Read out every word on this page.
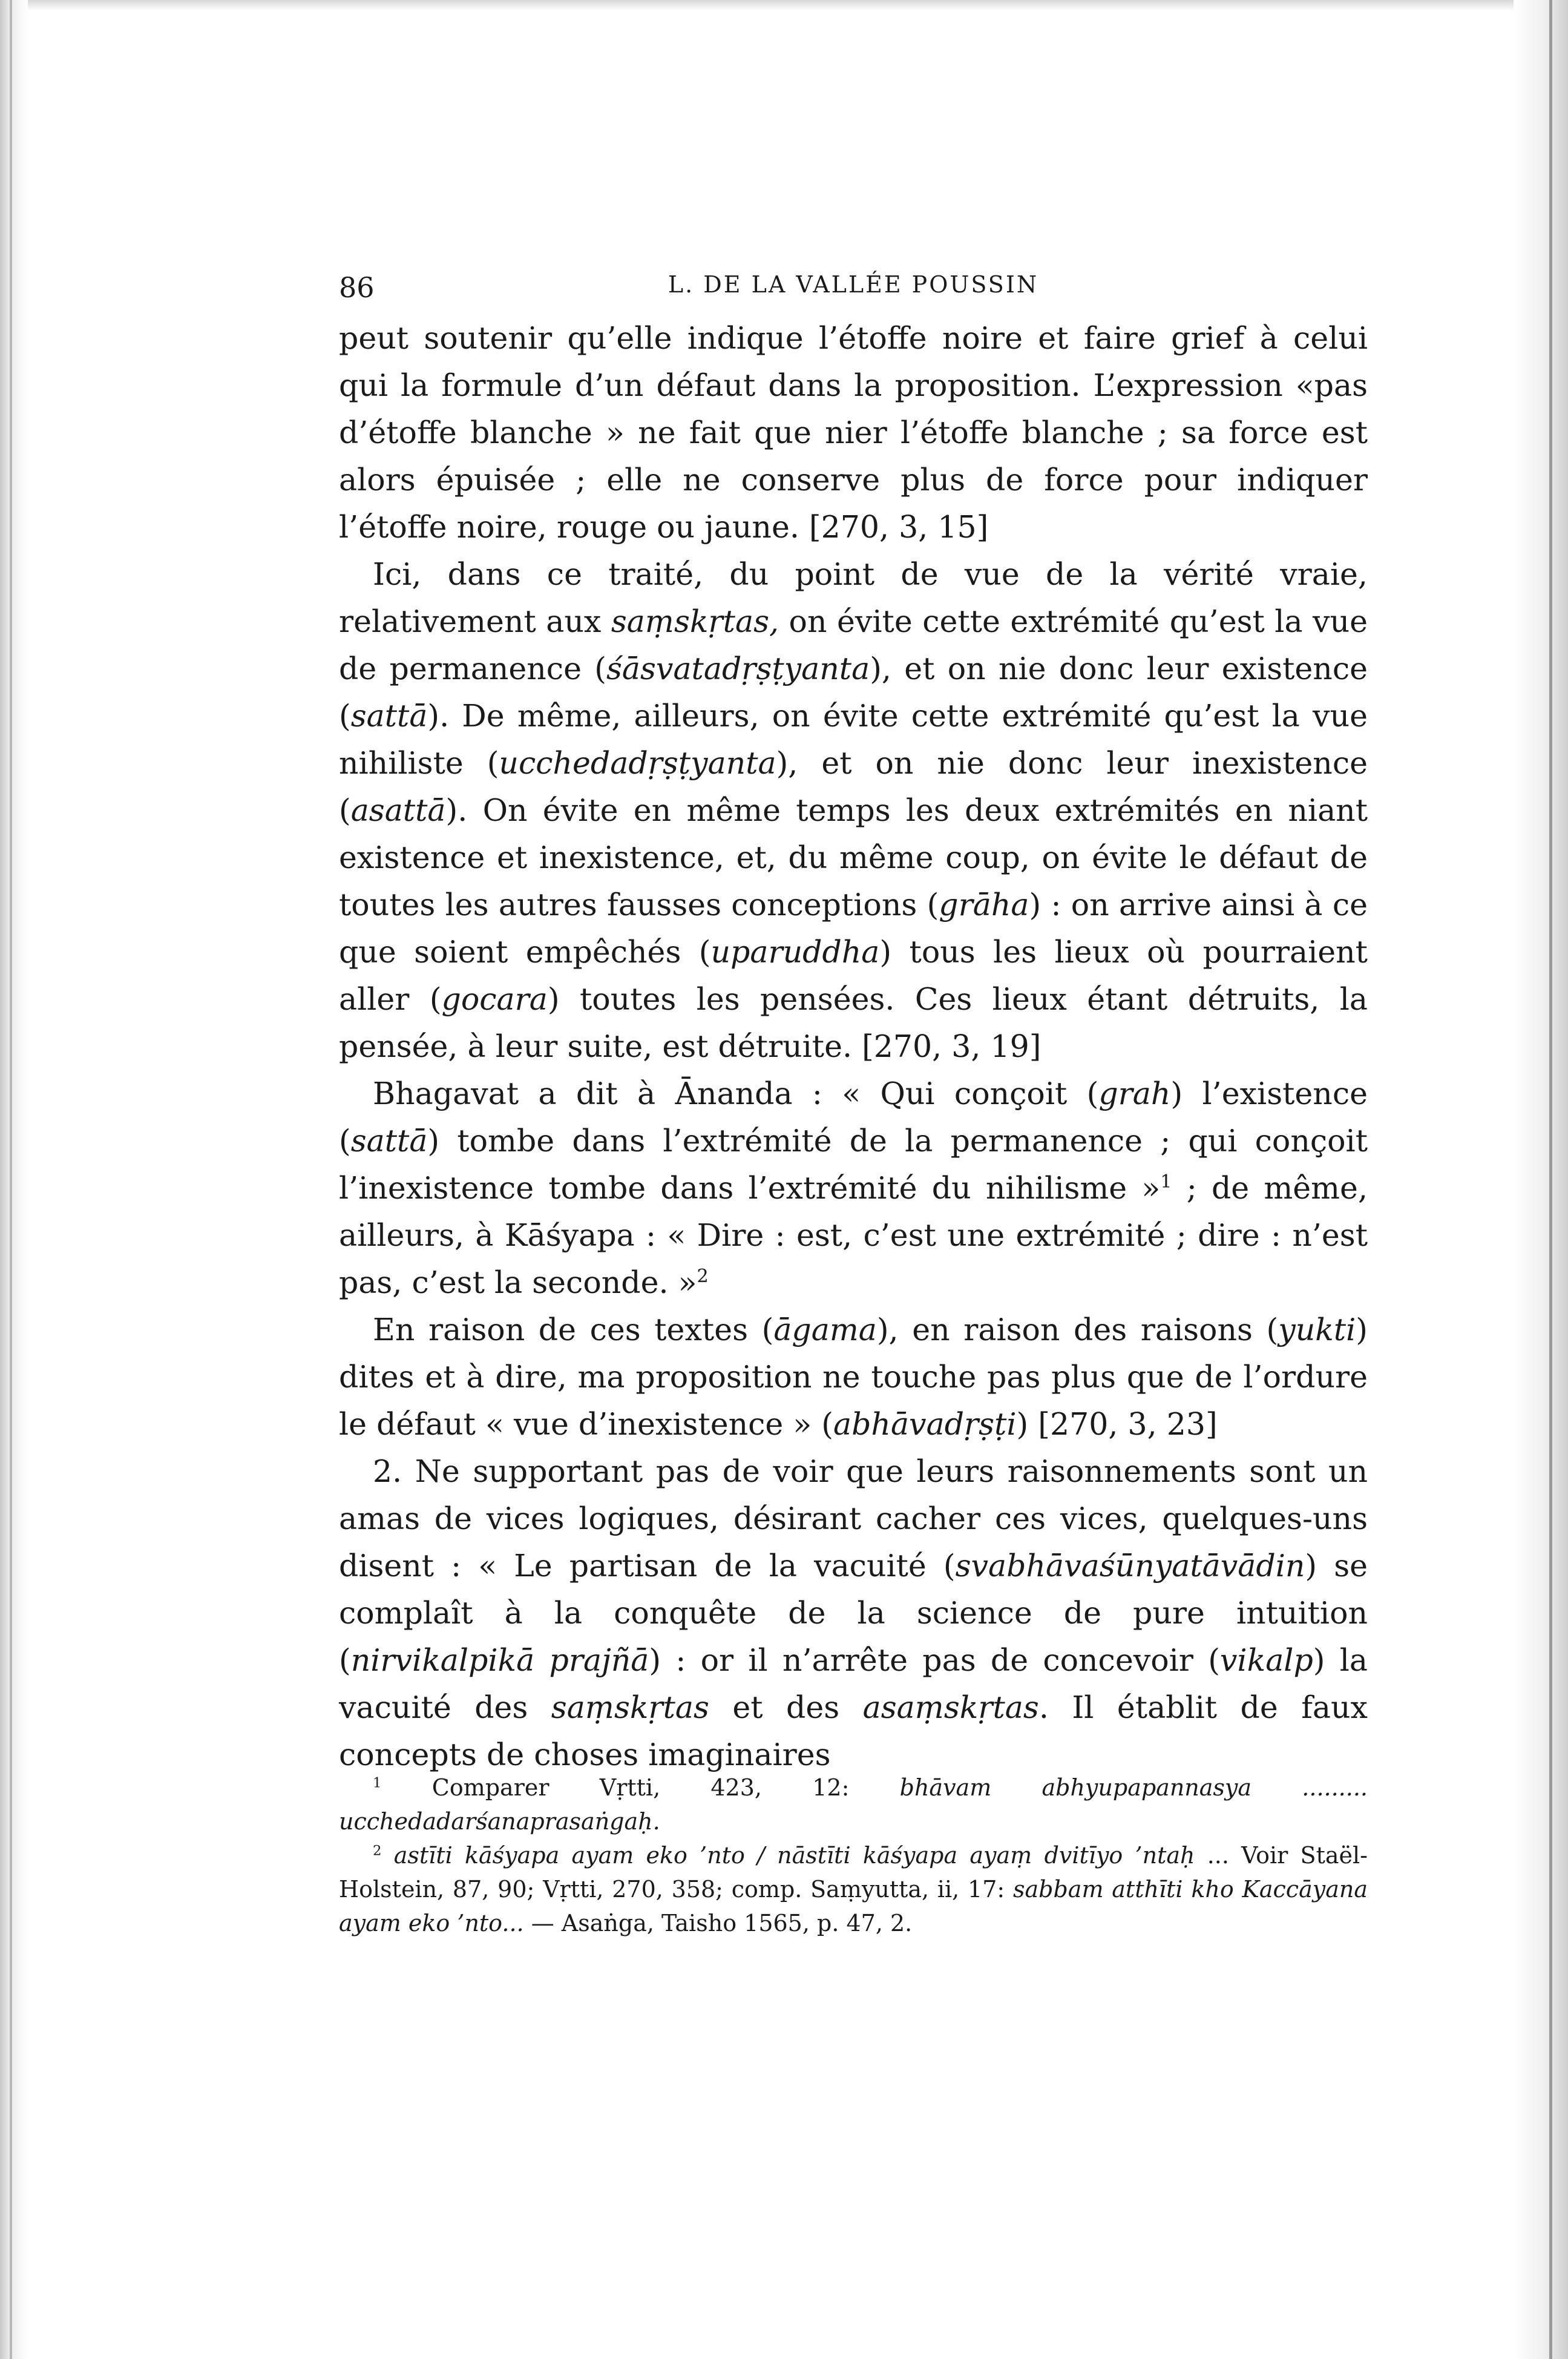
86	L. DE LA VALLÉE POUSSIN

peut soutenir qu’elle indique l’étoffe noire et faire grief à celui qui la formule d’un défaut dans la proposition. L’expression «pas d’étoffe blanche » ne fait que nier l’étoffe blanche ; sa force est alors épuisée ; elle ne conserve plus de force pour indiquer l’étoffe noire, rouge ou jaune. [270, 3, 15]

Ici, dans ce traité, du point de vue de la vérité vraie, relativement aux saṃskṛtas, on évite cette extrémité qu’est la vue de permanence (śāsvatadṛṣṭyanta), et on nie donc leur existence (sattā). De même, ailleurs, on évite cette extrémité qu’est la vue nihiliste (ucchedadṛṣṭyanta), et on nie donc leur inexistence (asattā). On évite en même temps les deux extrémités en niant existence et inexistence, et, du même coup, on évite le défaut de toutes les autres fausses conceptions (grāha) : on arrive ainsi à ce que soient empêchés (uparuddha) tous les lieux où pourraient aller (gocara) toutes les pensées. Ces lieux étant détruits, la pensée, à leur suite, est détruite. [270, 3, 19]

Bhagavat a dit à Ānanda : « Qui conçoit (grah) l’existence (sattā) tombe dans l’extrémité de la permanence ; qui conçoit l’inexistence tombe dans l’extrémité du nihilisme »$^1$ ; de même, ailleurs, à Kāśyapa : « Dire : est, c’est une extrémité ; dire : n’est pas, c’est la seconde. »$^2$

En raison de ces textes (āgama), en raison des raisons (yukti) dites et à dire, ma proposition ne touche pas plus que de l’ordure le défaut « vue d’inexistence » (abhāvadṛṣṭi) [270, 3, 23]

2. Ne supportant pas de voir que leurs raisonnements sont un amas de vices logiques, désirant cacher ces vices, quelques-uns disent : « Le partisan de la vacuité (svabhāvaśūnyatāvādin) se complaît à la conquête de la science de pure intuition (nirvikalpikā prajñā) : or il n’arrête pas de concevoir (vikalp) la vacuité des saṃskṛtas et des asaṃskṛtas. Il établit de faux concepts de choses imaginaires

$^1$ Comparer Vṛtti, 423, 12: bhāvam abhyupapannasya ......... ucchedadarśanaprasaṅgaḥ.

$^2$ astīti kāśyapa ayam eko ’nto / nāstīti kāśyapa ayaṃ dvitīyo ’ntaḥ ... Voir Staël-Holstein, 87, 90; Vṛtti, 270, 358; comp. Saṃyutta, ii, 17: sabbam atthīti kho Kaccāyana ayam eko ’nto... — Asaṅga, Taisho 1565, p. 47, 2.
